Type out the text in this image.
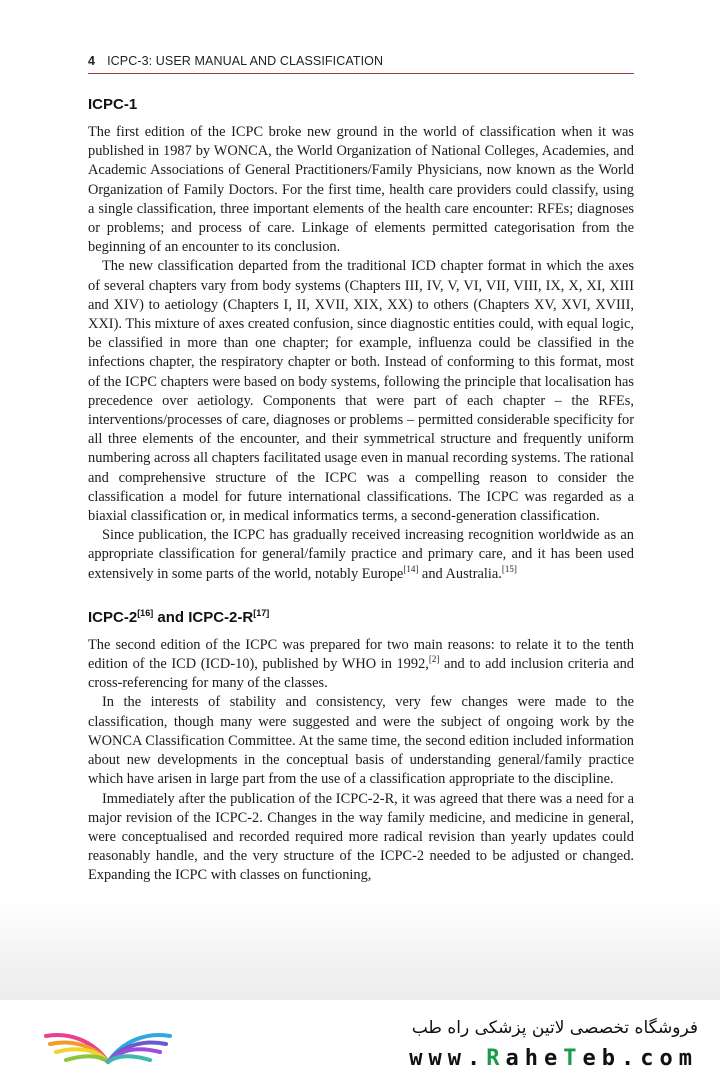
4 ICPC-3: USER MANUAL AND CLASSIFICATION
ICPC-1

The first edition of the ICPC broke new ground in the world of classification when it was published in 1987 by WONCA, the World Organization of National Colleges, Academies, and Academic Associations of General Practitioners/Family Physicians, now known as the World Organization of Family Doctors. For the first time, health care providers could classify, using a single classification, three important elements of the health care encounter: RFEs; diagnoses or problems; and process of care. Linkage of elements permitted categorisation from the beginning of an encounter to its conclusion.

The new classification departed from the traditional ICD chapter format in which the axes of several chapters vary from body systems (Chapters III, IV, V, VI, VII, VIII, IX, X, XI, XIII and XIV) to aetiology (Chapters I, II, XVII, XIX, XX) to others (Chapters XV, XVI, XVIII, XXI). This mixture of axes created confusion, since diagnostic entities could, with equal logic, be classified in more than one chapter; for example, influenza could be classified in the infections chapter, the respiratory chapter or both. Instead of conforming to this format, most of the ICPC chapters were based on body systems, following the principle that localisation has precedence over aetiology. Components that were part of each chapter – the RFEs, interventions/processes of care, diagnoses or problems – permitted considerable specificity for all three elements of the encounter, and their symmetrical structure and frequently uniform numbering across all chapters facilitated usage even in manual recording systems. The rational and comprehensive structure of the ICPC was a compelling reason to consider the classification a model for future international classifications. The ICPC was regarded as a biaxial classification or, in medical informatics terms, a second-generation classification.

Since publication, the ICPC has gradually received increasing recognition worldwide as an appropriate classification for general/family practice and primary care, and it has been used extensively in some parts of the world, notably Europe[14] and Australia.[15]

ICPC-2[16] and ICPC-2-R[17]

The second edition of the ICPC was prepared for two main reasons: to relate it to the tenth edition of the ICD (ICD-10), published by WHO in 1992,[2] and to add inclusion criteria and cross-referencing for many of the classes.

In the interests of stability and consistency, very few changes were made to the classification, though many were suggested and were the subject of ongoing work by the WONCA Classification Committee. At the same time, the second edition included information about new developments in the conceptual basis of understanding general/family practice which have arisen in large part from the use of a classification appropriate to the discipline.

Immediately after the publication of the ICPC-2-R, it was agreed that there was a need for a major revision of the ICPC-2. Changes in the way family medicine, and medicine in general, were conceptualised and recorded required more radical revision than yearly updates could reasonably handle, and the very structure of the ICPC-2 needed to be adjusted or changed. Expanding the ICPC with classes on functioning,

فروشگاه تخصصی لاتین پزشکی راه طب
www.RaheTeb.com
